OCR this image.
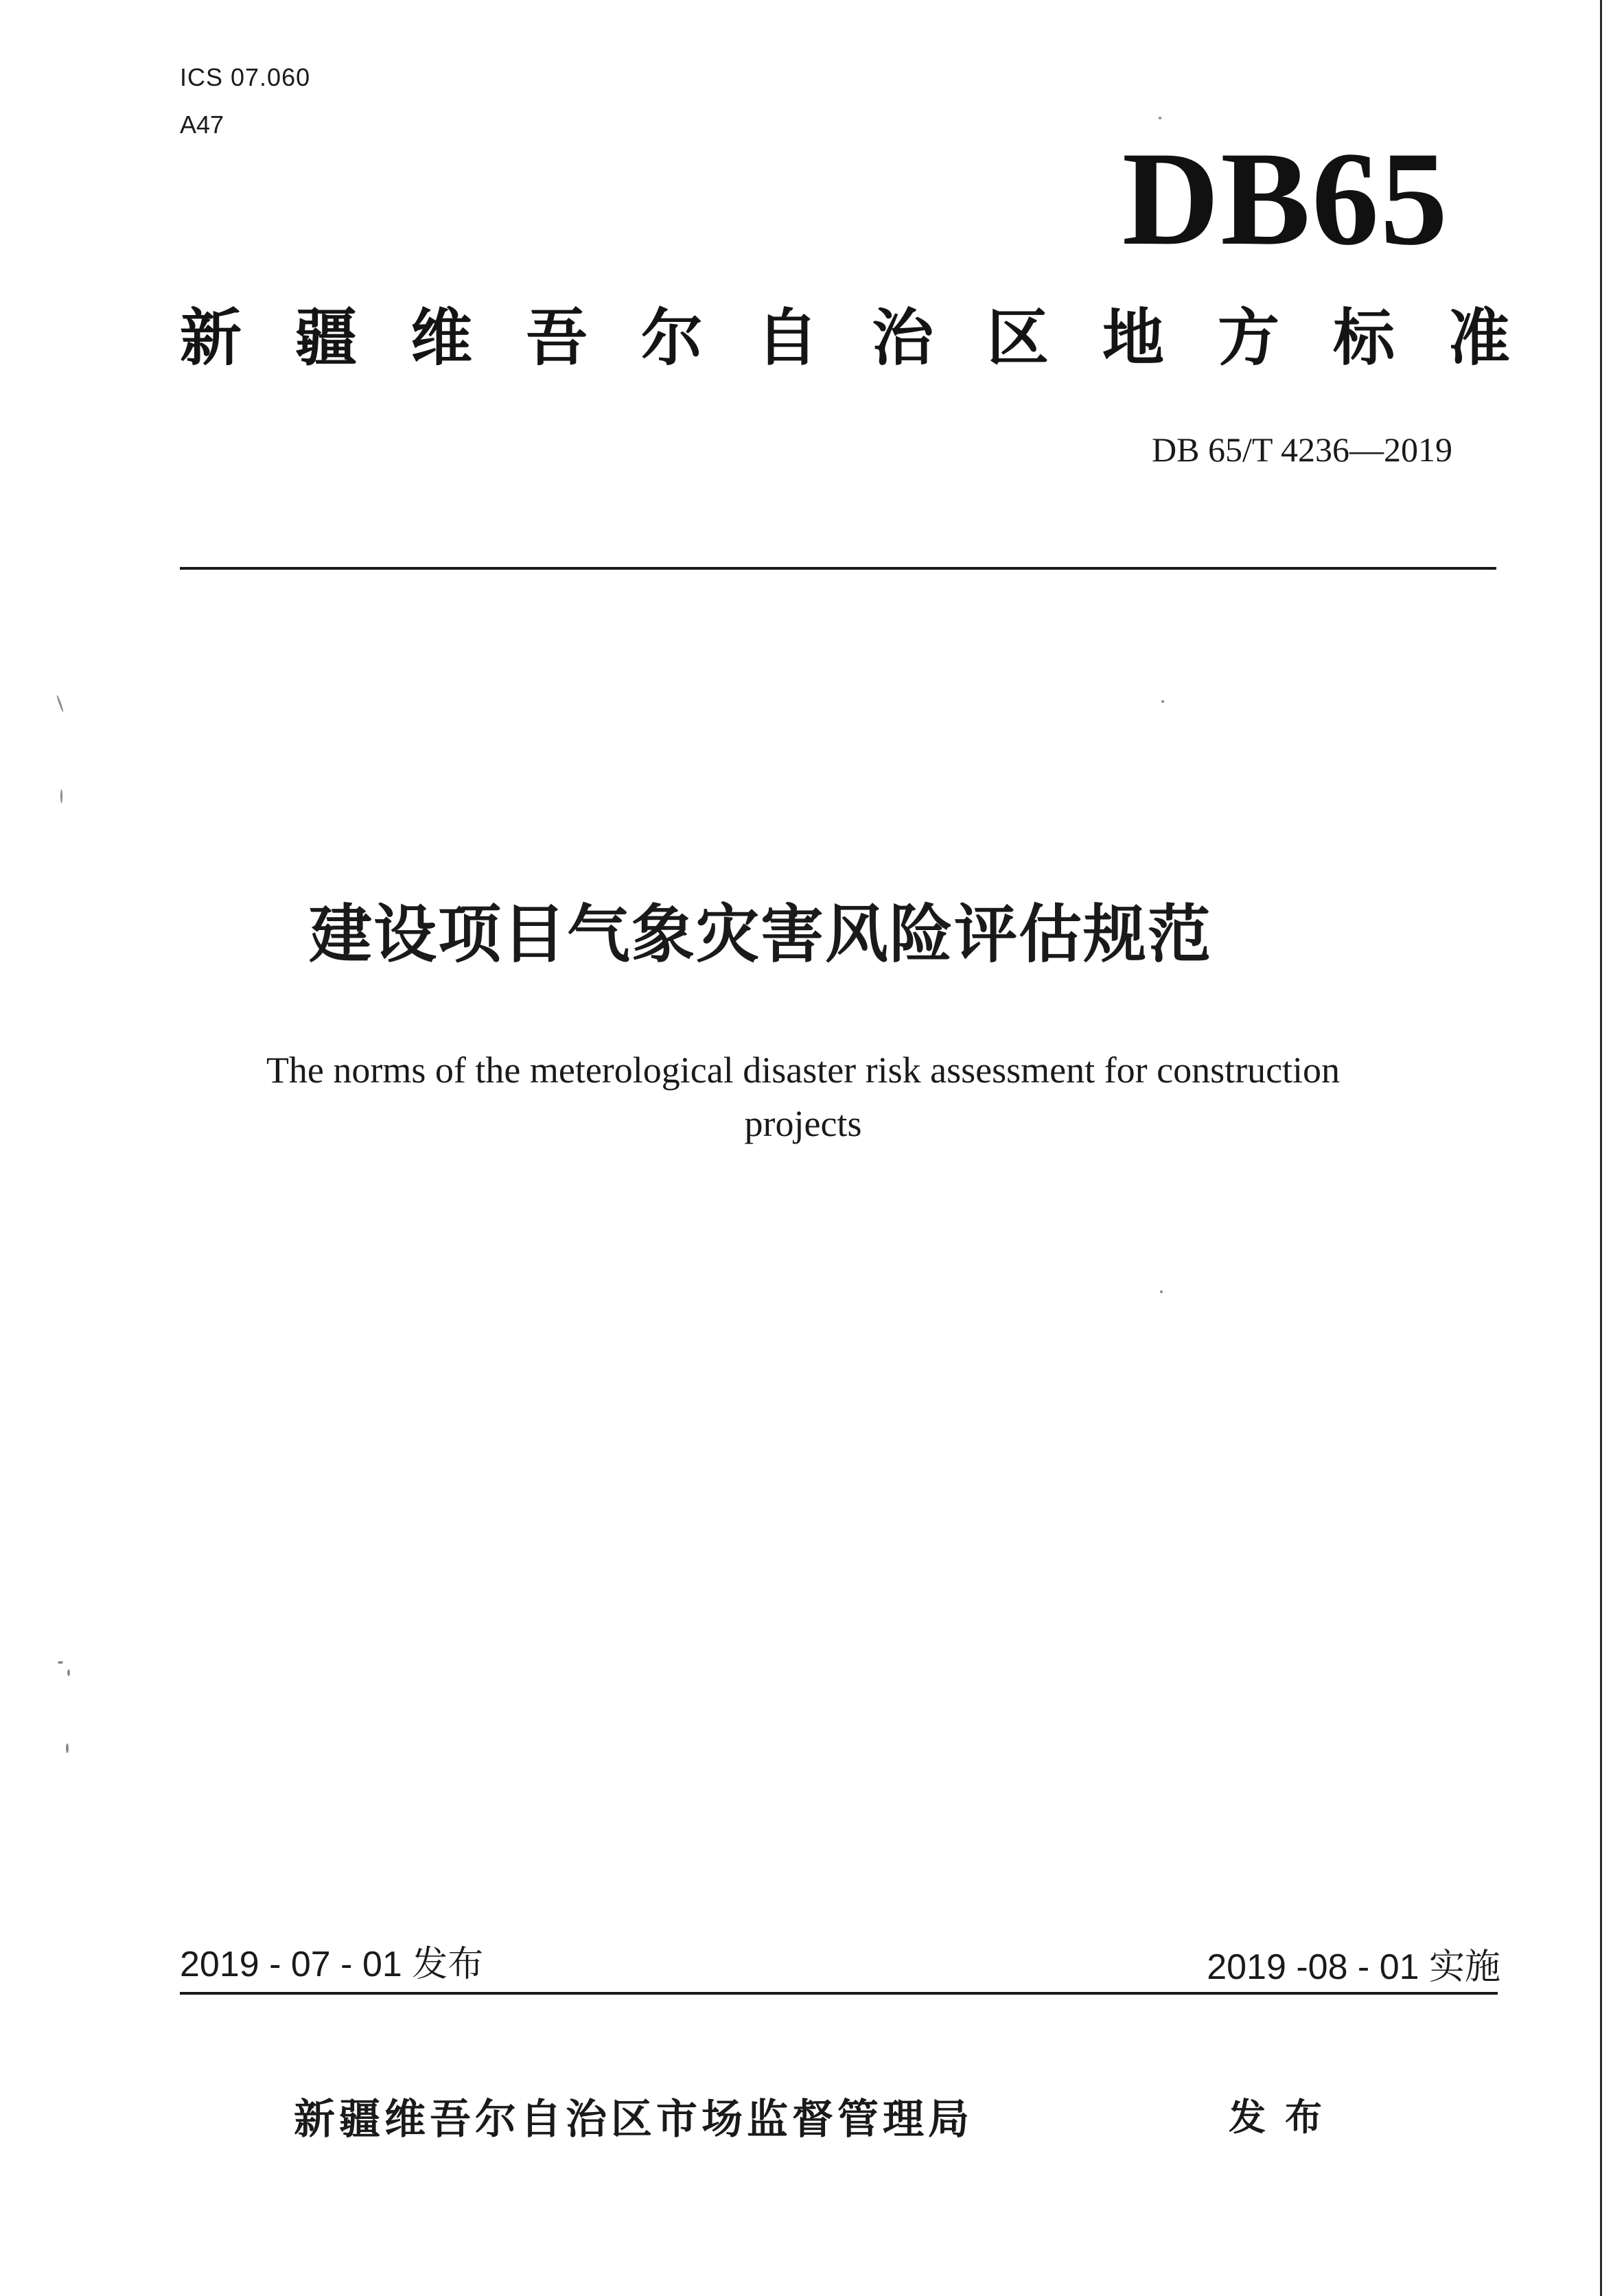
ICS 07.060
A47	DB65
新疆维吾尔自治区地方标准
DB 65/T 4236—2019
建设项目气象灾害风险评估规范
The norms of the meterological disaster risk assessment for construction projects
2019 - 07 - 01 发布	2019 -08 - 01 实施
新疆维吾尔自治区市场监督管理局	发布
